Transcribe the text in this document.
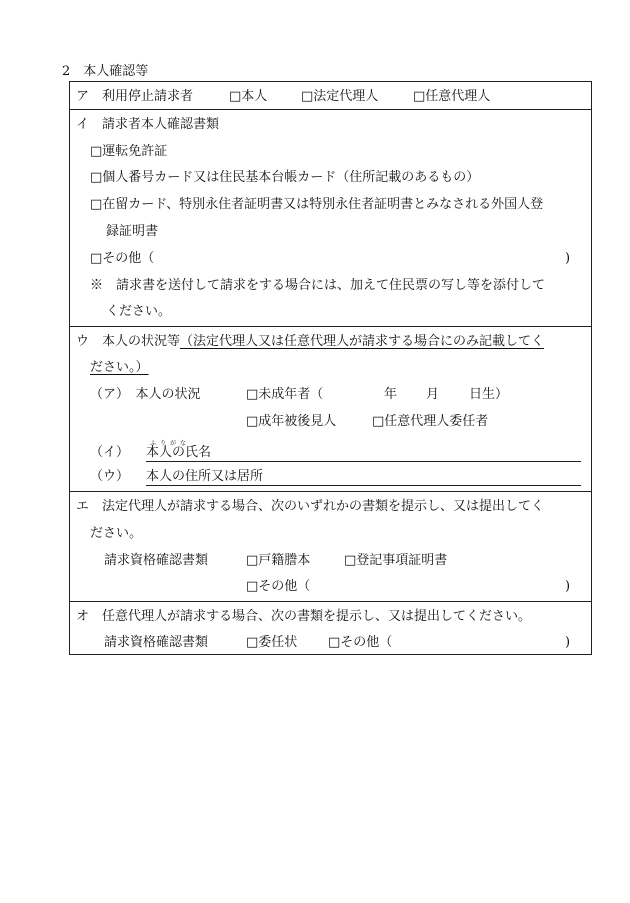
2　本人確認等
ア　利用停止請求者	□本人	□法定代理人	□任意代理人
イ　請求者本人確認書類
□運転免許証
□個人番号カード又は住民基本台帳カード（住所記載のあるもの）
□在留カード、特別永住者証明書又は特別永住者証明書とみなされる外国人登
録証明書
□その他（	)
※　請求書を送付して請求をする場合には、加えて住民票の写し等を添付して
ください。
ウ　本人の状況等（法定代理人又は任意代理人が請求する場合にのみ記載してく
ださい。）
（ア）　本人の状況	□未成年者（	年 月 日生）
□成年被後見人	□任意代理人委任者
ふりがな
（イ） 本人の氏名
（ウ） 本人の住所又は居所
エ　法定代理人が請求する場合、次のいずれかの書類を提示し、又は提出してく
ださい。
請求資格確認書類	□戸籍謄本	□登記事項証明書
□その他（	)
オ　任意代理人が請求する場合、次の書類を提示し、又は提出してください。
請求資格確認書類	□委任状 □その他（	)
